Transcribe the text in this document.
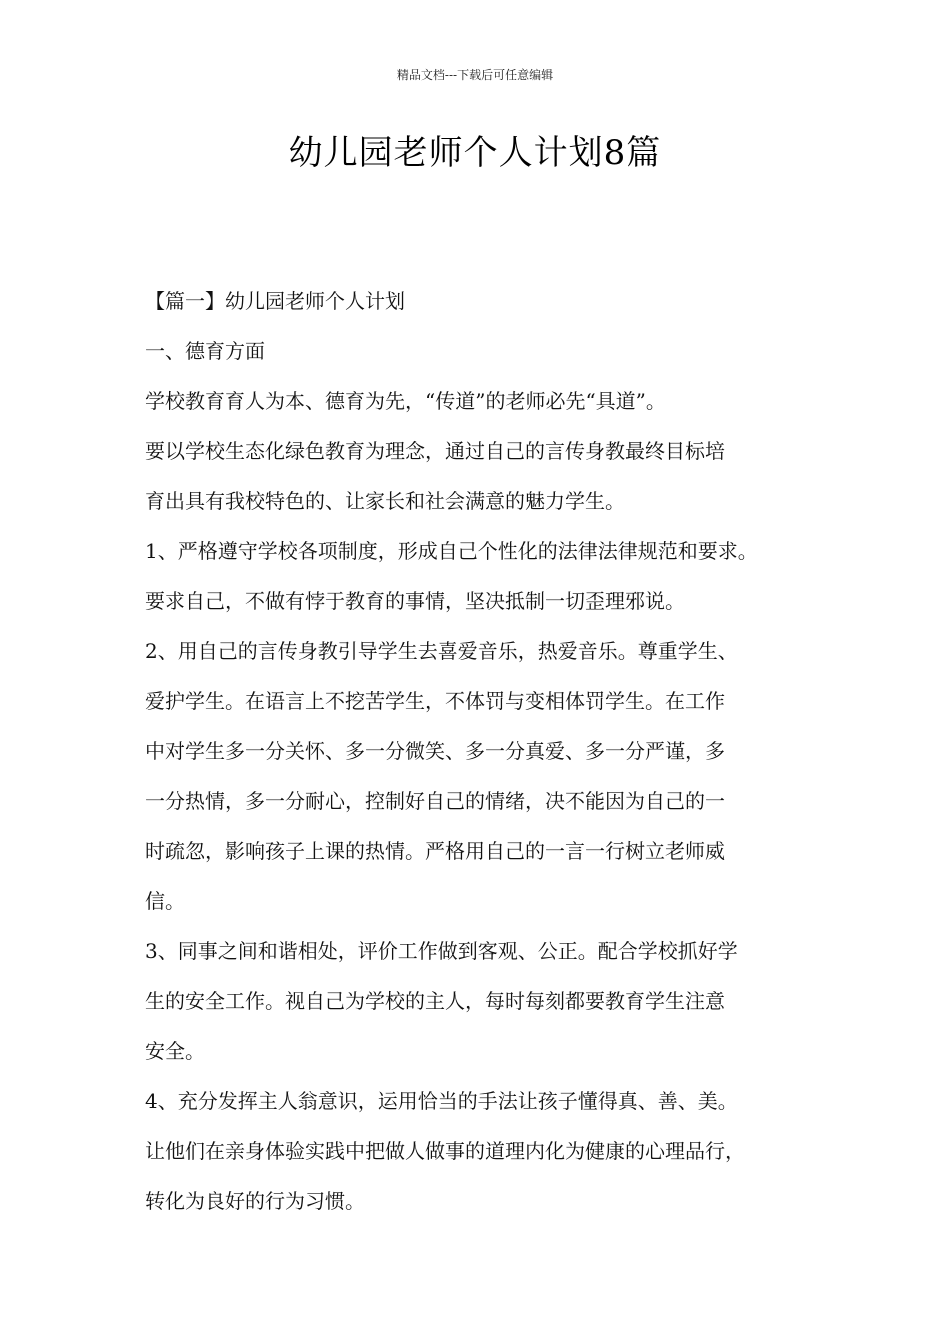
精品文档---下载后可任意编辑
幼儿园老师个人计划8篇

【篇一】幼儿园老师个人计划

一、德育方面

学校教育育人为本、德育为先，“传道”的老师必先“具道”。

要以学校生态化绿色教育为理念，通过自己的言传身教最终目标培

育出具有我校特色的、让家长和社会满意的魅力学生。

1、严格遵守学校各项制度，形成自己个性化的法律法律规范和要求。

要求自己，不做有悖于教育的事情，坚决抵制一切歪理邪说。

2、用自己的言传身教引导学生去喜爱音乐，热爱音乐。尊重学生、

爱护学生。在语言上不挖苦学生，不体罚与变相体罚学生。在工作

中对学生多一分关怀、多一分微笑、多一分真爱、多一分严谨，多

一分热情，多一分耐心，控制好自己的情绪，决不能因为自己的一

时疏忽，影响孩子上课的热情。严格用自己的一言一行树立老师威

信。

3、同事之间和谐相处，评价工作做到客观、公正。配合学校抓好学

生的安全工作。视自己为学校的主人，每时每刻都要教育学生注意

安全。

4、充分发挥主人翁意识，运用恰当的手法让孩子懂得真、善、美。

让他们在亲身体验实践中把做人做事的道理内化为健康的心理品行，

转化为良好的行为习惯。
